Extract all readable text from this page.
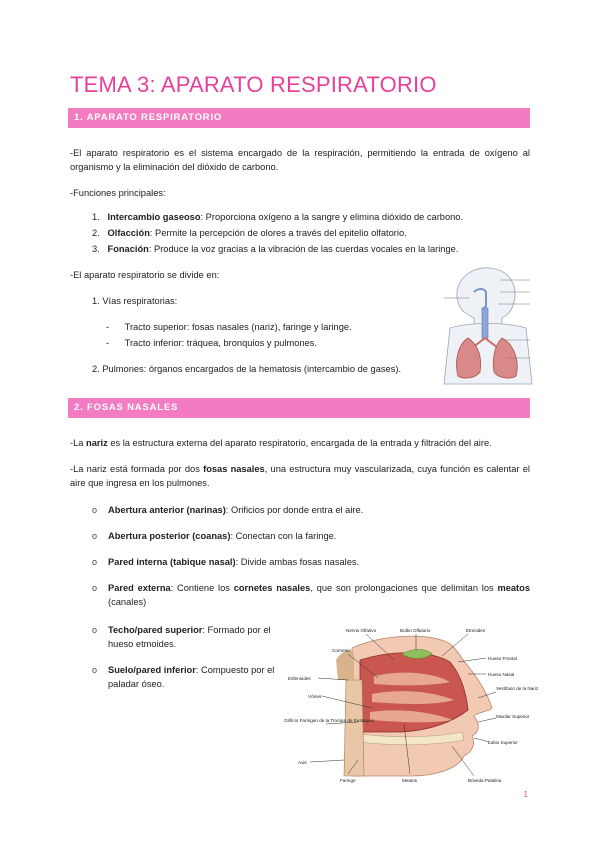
TEMA 3: APARATO RESPIRATORIO
1. APARATO RESPIRATORIO
-El aparato respiratorio es el sistema encargado de la respiración, permitiendo la entrada de oxígeno al organismo y la eliminación del dióxido de carbono.
-Funciones principales:
1. Intercambio gaseoso: Proporciona oxígeno a la sangre y elimina dióxido de carbono.
2. Olfacción: Permite la percepción de olores a través del epitelio olfatorio.
3. Fonación: Produce la voz gracias a la vibración de las cuerdas vocales en la laringe.
-El aparato respiratorio se divide en:
1. Vías respiratorias:
- Tracto superior: fosas nasales (nariz), faringe y laringe.
- Tracto inferior: tráquea, bronquios y pulmones.
2. Pulmones: órganos encargados de la hematosis (intercambio de gases).
2. FOSAS NASALES
-La nariz es la estructura externa del aparato respiratorio, encargada de la entrada y filtración del aire.
-La nariz está formada por dos fosas nasales, una estructura muy vascularizada, cuya función es calentar el aire que ingresa en los pulmones.
o Abertura anterior (narinas): Orificios por donde entra el aire.
o Abertura posterior (coanas): Conectan con la faringe.
o Pared interna (tabique nasal): Divide ambas fosas nasales.
o Pared externa: Contiene los cornetes nasales, que son prolongaciones que delimitan los meatos (canales)
o Techo/pared superior: Formado por el hueso etmoides.
o Suelo/pared inferior: Compuesto por el paladar óseo.
Nervio Olfativo	Bulbo Olfatorio	Etmoides
Cornetes
Hueso Frontal
Hueso Nasal
Esfenoides
Vestíbulo de la Nariz
Vómer
Maxilar Superior
Orificio Faríngeo de la Trompa de Eustaquio
Labio Superior
Axis
Faringe	Meatos	Bóveda Palatina
1
